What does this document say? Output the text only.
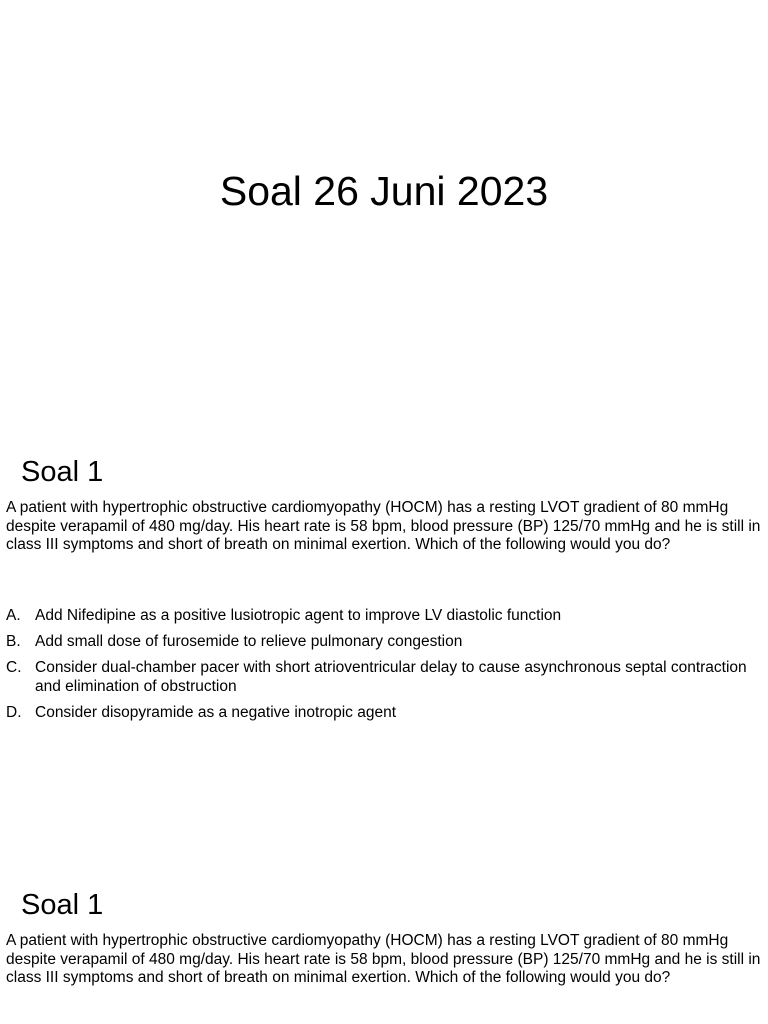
Soal 26 Juni 2023
Soal 1

A patient with hypertrophic obstructive cardiomyopathy (HOCM) has a resting LVOT gradient of 80 mmHg despite verapamil of 480 mg/day. His heart rate is 58 bpm, blood pressure (BP) 125/70 mmHg and he is still in class III symptoms and short of breath on minimal exertion. Which of the following would you do?

A. Add Nifedipine as a positive lusiotropic agent to improve LV diastolic function
B. Add small dose of furosemide to relieve pulmonary congestion
C. Consider dual-chamber pacer with short atrioventricular delay to cause asynchronous septal contraction and elimination of obstruction
D. Consider disopyramide as a negative inotropic agent
Soal 1

A patient with hypertrophic obstructive cardiomyopathy (HOCM) has a resting LVOT gradient of 80 mmHg despite verapamil of 480 mg/day. His heart rate is 58 bpm, blood pressure (BP) 125/70 mmHg and he is still in class III symptoms and short of breath on minimal exertion. Which of the following would you do?
